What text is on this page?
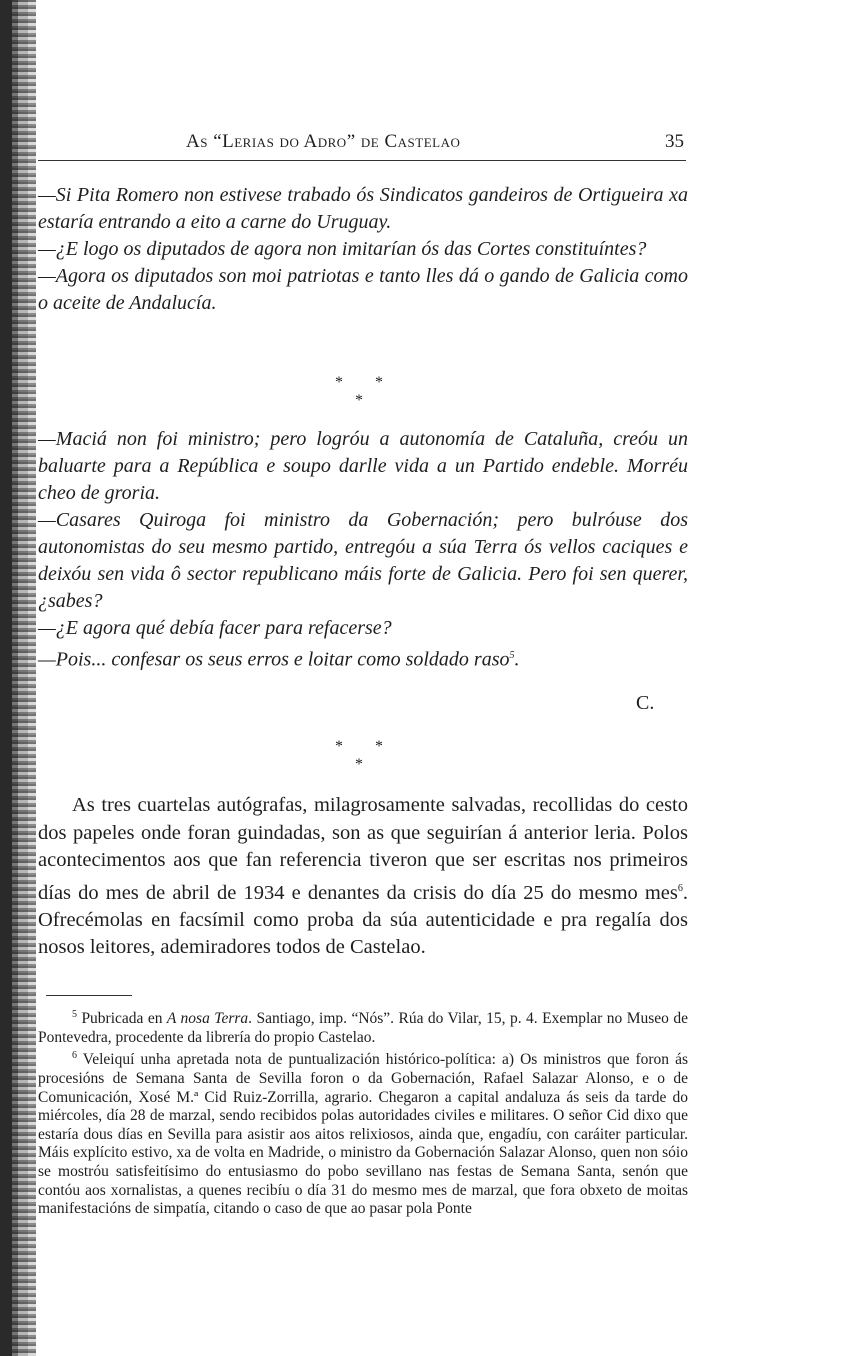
As “Lerias do Adro” de Castelao	35

—Si Pita Romero non estivese trabado ós Sindicatos gandeiros de Ortigueira xa estaría entrando a eito a carne do Uruguay.

—¿E logo os diputados de agora non imitarían ós das Cortes constituíntes?

—Agora os diputados son moi patriotas e tanto lles dá o gando de Galicia como o aceite de Andalucía.

* * *

—Maciá non foi ministro; pero logróu a autonomía de Cataluña, creóu un baluarte para a República e soupo darlle vida a un Partido endeble. Morréu cheo de groria.

—Casares Quiroga foi ministro da Gobernación; pero bulróuse dos autonomistas do seu mesmo partido, entregóu a súa Terra ós vellos caciques e deixóu sen vida ô sector republicano máis forte de Galicia. Pero foi sen querer, ¿sabes?

—¿E agora qué debía facer para refacerse?

—Pois... confesar os seus erros e loitar como soldado raso$^5$.

C.
* * *

As tres cuartelas autógrafas, milagrosamente salvadas, recollidas do cesto dos papeles onde foran guindadas, son as que seguirían á anterior leria. Polos acontecimentos aos que fan referencia tiveron que ser escritas nos primeiros días do mes de abril de 1934 e denantes da crisis do día 25 do mesmo mes$^6$. Ofrecémolas en facsímil como proba da súa autenticidade e pra regalía dos nosos leitores, ademiradores todos de Castelao.

$^5$ Pubricada en A nosa Terra. Santiago, imp. “Nós”. Rúa do Vilar, 15, p. 4. Exemplar no Museo de Pontevedra, procedente da librería do propio Castelao.

$^6$ Veleiquí unha apretada nota de puntualización histórico-política: a) Os ministros que foron ás procesións de Semana Santa de Sevilla foron o da Gobernación, Rafael Salazar Alonso, e o de Comunicación, Xosé M.ª Cid Ruiz-Zorrilla, agrario. Chegaron a capital andaluza ás seis da tarde do miércoles, día 28 de marzal, sendo recibidos polas autoridades civiles e militares. O señor Cid dixo que estaría dous días en Sevilla para asistir aos aitos relixiosos, ainda que, engadíu, con caráiter particular. Máis explícito estivo, xa de volta en Madride, o ministro da Gobernación Salazar Alonso, quen non sóio se mostróu satisfeitísimo do entusiasmo do pobo sevillano nas festas de Semana Santa, senón que contóu aos xornalistas, a quenes recibíu o día 31 do mesmo mes de marzal, que fora obxeto de moitas manifestacións de simpatía, citando o caso de que ao pasar pola Ponte
